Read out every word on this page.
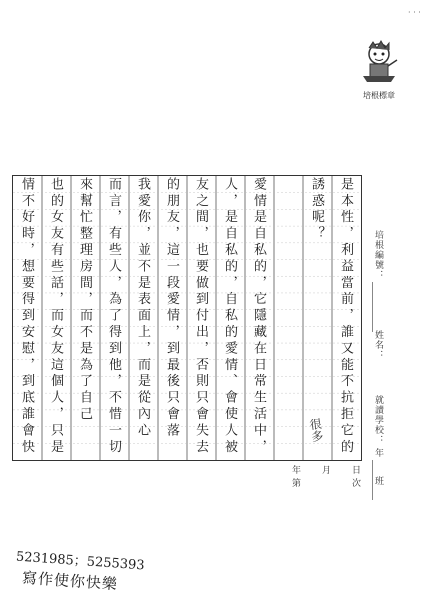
培根標章
· · ·
是本性，利益當前，誰又能不抗拒它的
誘惑呢？
愛情是自私的，它隱藏在日常生活中，
人，是自私的，自私的愛情、會使人被
友之間，也要做到付出，否則只會失去
的朋友，這一段愛情，到最後只會落
我愛你，並不是表面上，而是從內心
而言，有些人，為了得到他，不惜一切
來幫忙整理房間，而不是為了自己
也的女友有些話，而女友這個人，只是
情不好時，想要得到安慰，到底誰會快
很多
培根編號：
姓名：
就讀學校：
年
班
年 月 日
第	次
5231985；5255393
寫作使你快樂
